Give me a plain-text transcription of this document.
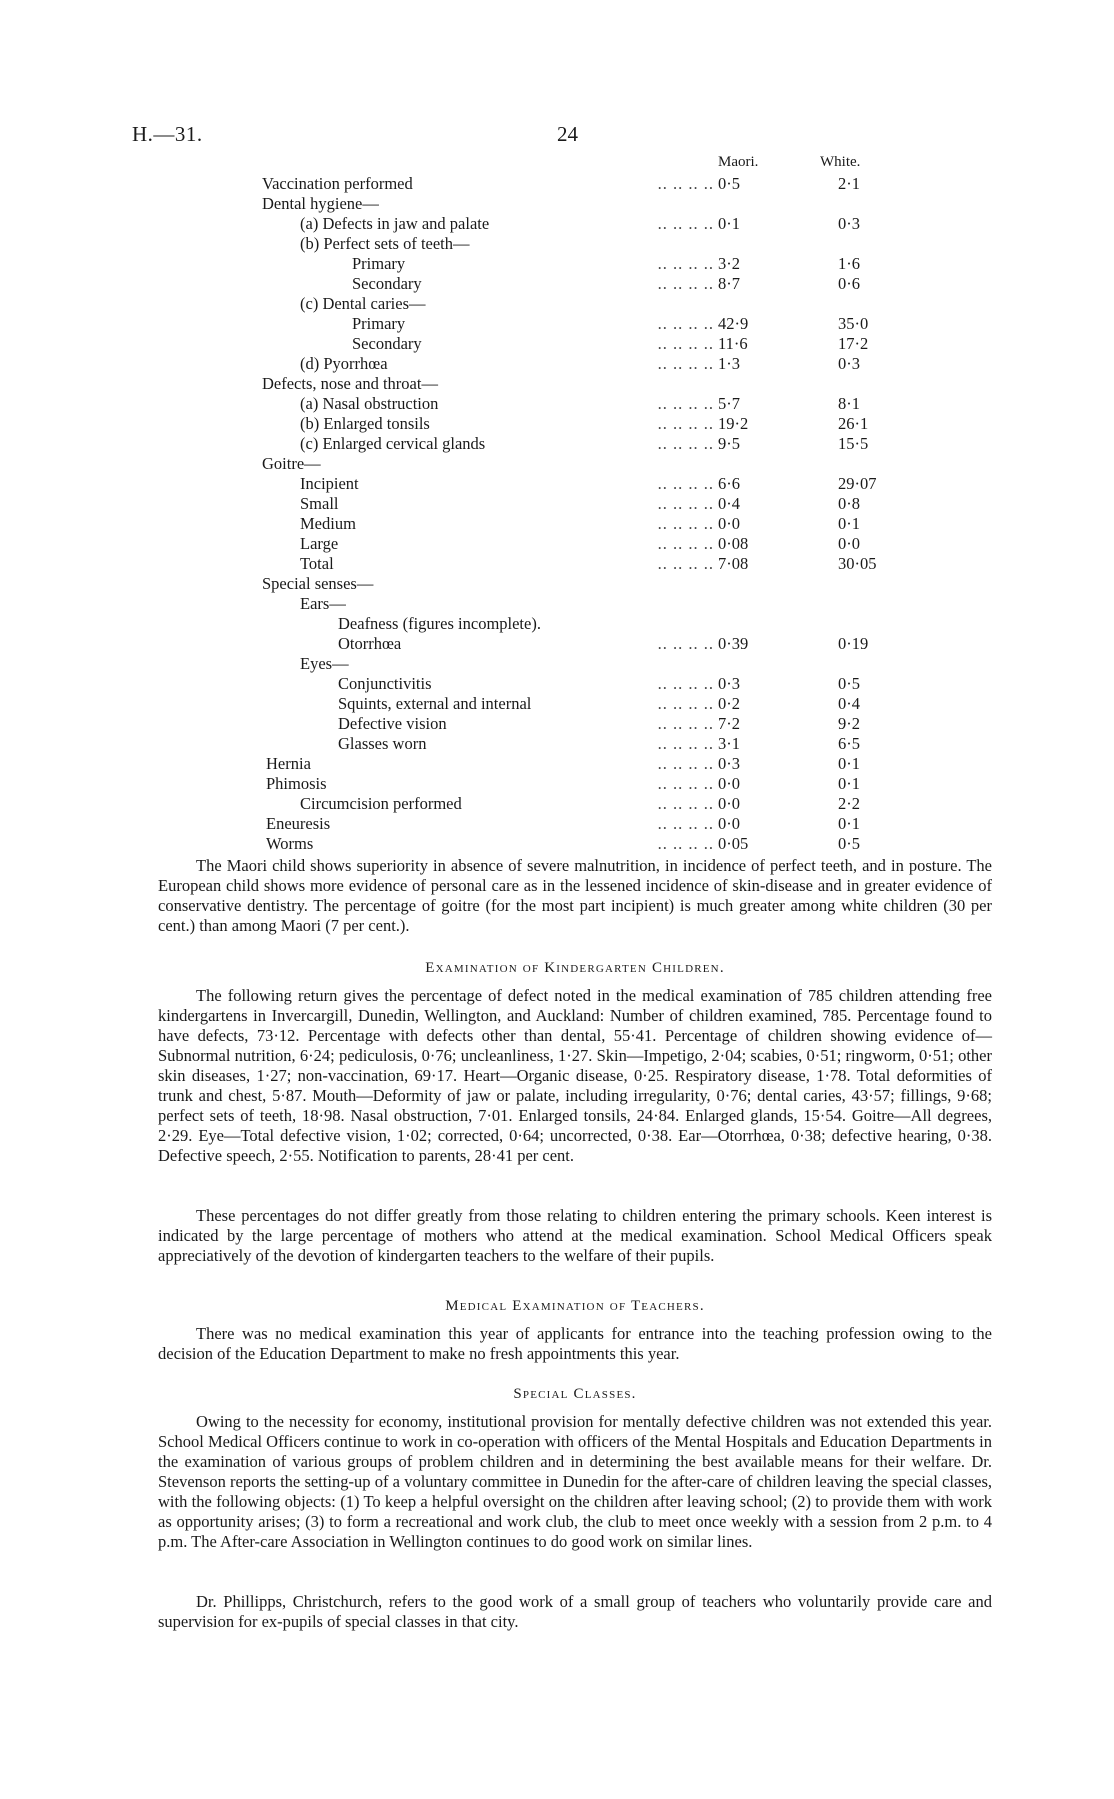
H.—31.	24
Maori.	White.
Vaccination performed	.. .. .. .. 0·5	2·1
Dental hygiene—
(a) Defects in jaw and palate	.. .. .. .. 0·1	0·3
(b) Perfect sets of teeth—
Primary	.. .. .. .. 3·2	1·6
Secondary	.. .. .. .. 8·7	0·6
(c) Dental caries—
Primary	.. .. .. .. 42·9	35·0
Secondary	.. .. .. .. 11·6	17·2
(d) Pyorrhœa	.. .. .. .. 1·3	0·3
Defects, nose and throat—
(a) Nasal obstruction	.. .. .. .. 5·7	8·1
(b) Enlarged tonsils	.. .. .. .. 19·2	26·1
(c) Enlarged cervical glands	.. .. .. .. 9·5	15·5
Goitre—
Incipient	.. .. .. .. 6·6	29·07
Small	.. .. .. .. 0·4	0·8
Medium	.. .. .. .. 0·0	0·1
Large	.. .. .. .. 0·08	0·0
Total	.. .. .. .. 7·08	30·05
Special senses—
Ears—
Deafness (figures incomplete).
Otorrhœa	.. .. .. .. 0·39	0·19
Eyes—
Conjunctivitis	.. .. .. .. 0·3	0·5
Squints, external and internal	.. .. .. .. 0·2	0·4
Defective vision	.. .. .. .. 7·2	9·2
Glasses worn	.. .. .. .. 3·1	6·5
Hernia	.. .. .. .. 0·3	0·1
Phimosis	.. .. .. .. 0·0	0·1
Circumcision performed	.. .. .. .. 0·0	2·2
Eneuresis	.. .. .. .. 0·0	0·1
Worms	.. .. .. .. 0·05	0·5

The Maori child shows superiority in absence of severe malnutrition, in incidence of perfect teeth, and in posture. The European child shows more evidence of personal care as in the lessened incidence of skin-disease and in greater evidence of conservative dentistry. The percentage of goitre (for the most part incipient) is much greater among white children (30 per cent.) than among Maori (7 per cent.).

Examination of Kindergarten Children.

The following return gives the percentage of defect noted in the medical examination of 785 children attending free kindergartens in Invercargill, Dunedin, Wellington, and Auckland: Number of children examined, 785. Percentage found to have defects, 73·12. Percentage with defects other than dental, 55·41. Percentage of children showing evidence of—Subnormal nutrition, 6·24; pediculosis, 0·76; uncleanliness, 1·27. Skin—Impetigo, 2·04; scabies, 0·51; ringworm, 0·51; other skin diseases, 1·27; non-vaccination, 69·17. Heart—Organic disease, 0·25. Respiratory disease, 1·78. Total deformities of trunk and chest, 5·87. Mouth—Deformity of jaw or palate, including irregularity, 0·76; dental caries, 43·57; fillings, 9·68; perfect sets of teeth, 18·98. Nasal obstruction, 7·01. Enlarged tonsils, 24·84. Enlarged glands, 15·54. Goitre—All degrees, 2·29. Eye—Total defective vision, 1·02; corrected, 0·64; uncorrected, 0·38. Ear—Otorrhœa, 0·38; defective hearing, 0·38. Defective speech, 2·55. Notification to parents, 28·41 per cent.

These percentages do not differ greatly from those relating to children entering the primary schools. Keen interest is indicated by the large percentage of mothers who attend at the medical examination. School Medical Officers speak appreciatively of the devotion of kindergarten teachers to the welfare of their pupils.

Medical Examination of Teachers.

There was no medical examination this year of applicants for entrance into the teaching profession owing to the decision of the Education Department to make no fresh appointments this year.

Special Classes.

Owing to the necessity for economy, institutional provision for mentally defective children was not extended this year. School Medical Officers continue to work in co-operation with officers of the Mental Hospitals and Education Departments in the examination of various groups of problem children and in determining the best available means for their welfare. Dr. Stevenson reports the setting-up of a voluntary committee in Dunedin for the after-care of children leaving the special classes, with the following objects: (1) To keep a helpful oversight on the children after leaving school; (2) to provide them with work as opportunity arises; (3) to form a recreational and work club, the club to meet once weekly with a session from 2 p.m. to 4 p.m. The After-care Association in Wellington continues to do good work on similar lines.

Dr. Phillipps, Christchurch, refers to the good work of a small group of teachers who voluntarily provide care and supervision for ex-pupils of special classes in that city.
